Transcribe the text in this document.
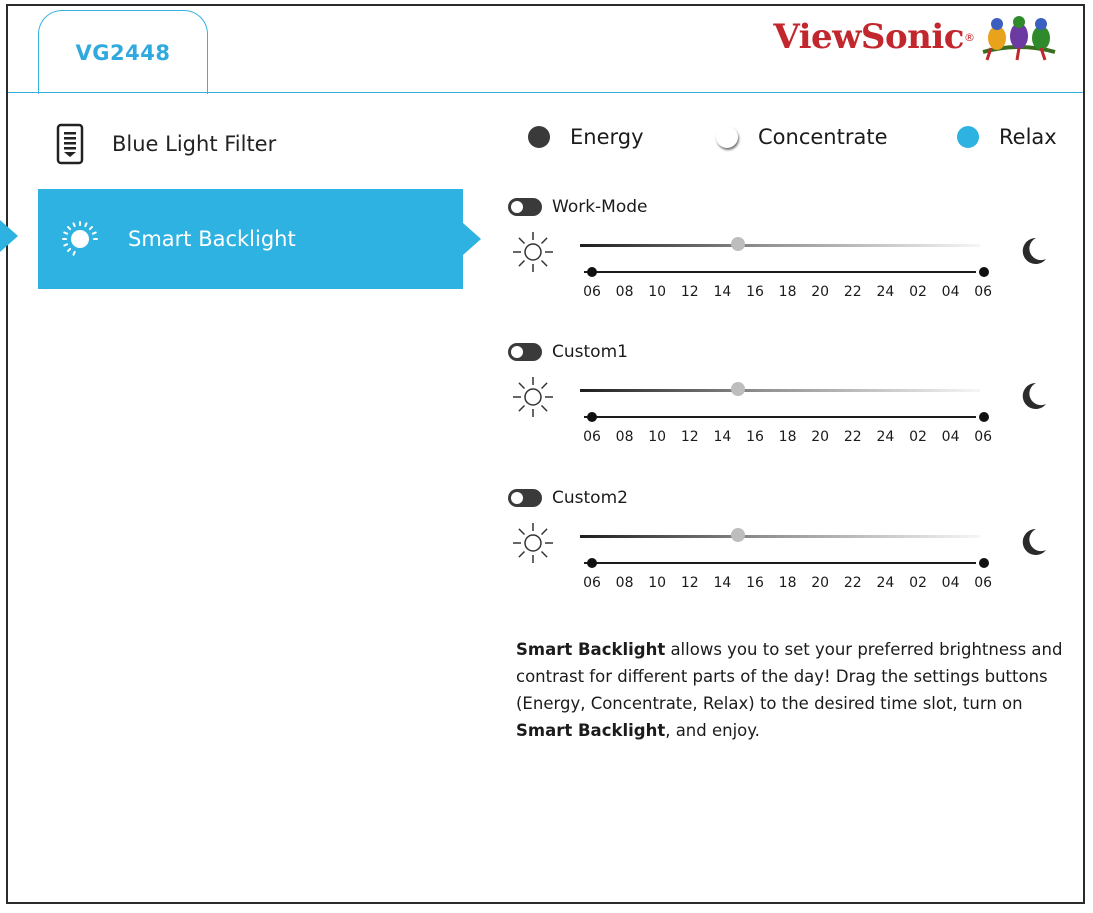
VG2448	ViewSonic ®
Blue Light Filter
Smart Backlight
Energy	Concentrate	Relax
Work-Mode
06 08 10 12 14 16 18 20 22 24 02 04 06
Custom1
06 08 10 12 14 16 18 20 22 24 02 04 06
Custom2
06 08 10 12 14 16 18 20 22 24 02 04 06

Smart Backlight allows you to set your preferred brightness and contrast for different parts of the day! Drag the settings buttons (Energy, Concentrate, Relax) to the desired time slot, turn on Smart Backlight, and enjoy.
